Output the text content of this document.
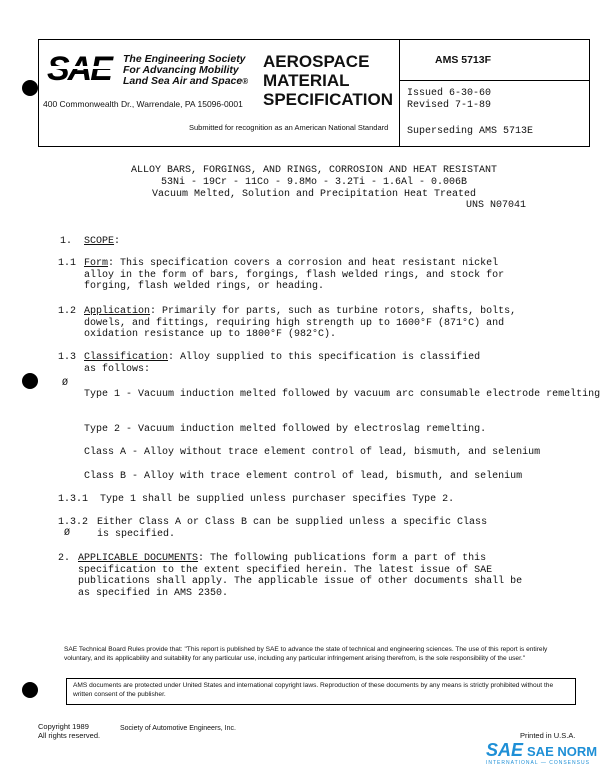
SAE The Engineering Society
For Advancing Mobility
Land Sea Air and Space®
400 Commonwealth Dr., Warrendale, PA 15096-0001
Submitted for recognition as an American National Standard
AEROSPACE
MATERIAL
SPECIFICATION
AMS 5713F
Issued 6-30-60
Revised 7-1-89
Superseding AMS 5713E
ALLOY BARS, FORGINGS, AND RINGS, CORROSION AND HEAT RESISTANT
53Ni - 19Cr - 11Co - 9.8Mo - 3.2Ti - 1.6Al - 0.006B
Vacuum Melted, Solution and Precipitation Heat Treated
UNS N07041
1. SCOPE:
1.1 Form: This specification covers a corrosion and heat resistant nickel alloy in the form of bars, forgings, flash welded rings, and stock for forging, flash welded rings, or heading.
1.2 Application: Primarily for parts, such as turbine rotors, shafts, bolts, dowels, and fittings, requiring high strength up to 1600°F (871°C) and oxidation resistance up to 1800°F (982°C).
1.3 Classification: Alloy supplied to this specification is classified as follows:
Ø
Type 1 - Vacuum induction melted followed by vacuum arc consumable electrode remelting
Type 2 - Vacuum induction melted followed by electroslag remelting.
Class A - Alloy without trace element control of lead, bismuth, and selenium
Class B - Alloy with trace element control of lead, bismuth, and selenium
1.3.1 Type 1 shall be supplied unless purchaser specifies Type 2.
1.3.2 Either Class A or Class B can be supplied unless a specific Class is specified.
Ø
2. APPLICABLE DOCUMENTS: The following publications form a part of this specification to the extent specified herein. The latest issue of SAE publications shall apply. The applicable issue of other documents shall be as specified in AMS 2350.
SAE Technical Board Rules provide that: "This report is published by SAE to advance the state of technical and engineering sciences. The use of this report is entirely voluntary, and its applicability and suitability for any particular use, including any particular infringement arising therefrom, is the sole responsibility of the user."
AMS documents are protected under United States and international copyright laws. Reproduction of these documents by any means is strictly prohibited without the written consent of the publisher.
Copyright 1989
All rights reserved.
Society of Automotive Engineers, Inc.
Printed in U.S.A.
SAE SAE NORM
INTERNATIONAL — CONSENSUS
